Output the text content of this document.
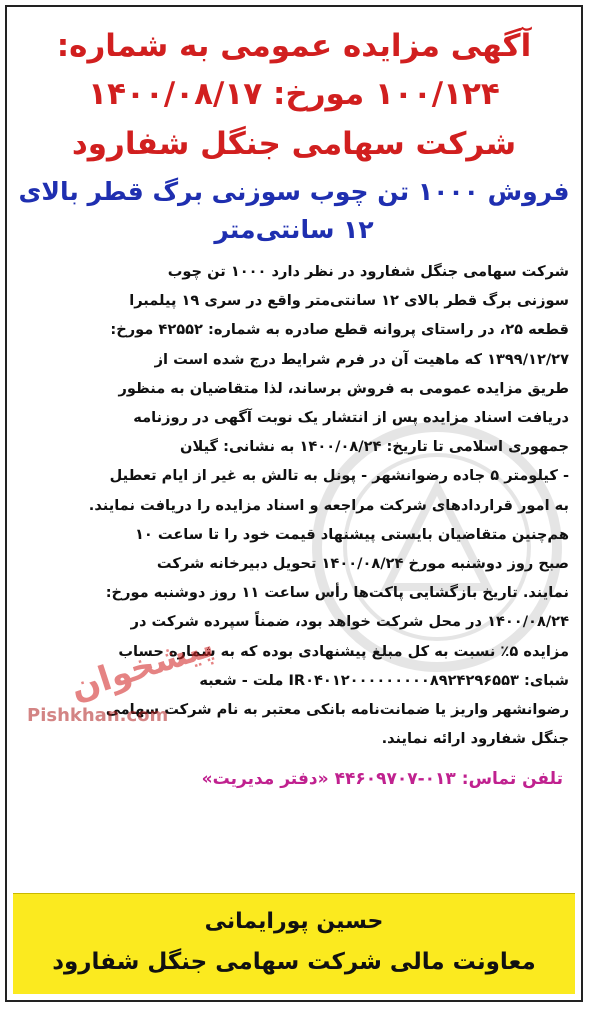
آگهی مزایده عمومی به شماره:
۱۰۰/۱۲۴ مورخ: ۱۴۰۰/۰۸/۱۷
شرکت سهامی جنگل شفارود
فروش ۱۰۰۰ تن چوب سوزنی برگ قطر بالای
۱۲ سانتی‌متر
شرکت سهامی جنگل شفارود در نظر دارد ۱۰۰۰ تن چوب
سوزنی برگ قطر بالای ۱۲ سانتی‌متر واقع در سری ۱۹ پیلمبرا
قطعه ۲۵، در راستای پروانه قطع صادره به شماره: ۴۲۵۵۲ مورخ:
۱۳۹۹/۱۲/۲۷ که ماهیت آن در فرم شرایط درج شده است از
طریق مزایده عمومی به فروش برساند، لذا متقاضیان به منظور
دریافت اسناد مزایده پس از انتشار یک نوبت آگهی در روزنامه
جمهوری اسلامی تا تاریخ: ۱۴۰۰/۰۸/۲۴ به نشانی: گیلان
- کیلومتر ۵ جاده رضوانشهر - پونل به تالش به غیر از ایام تعطیل
به امور قراردادهای شرکت مراجعه و اسناد مزایده را دریافت نمایند.
هم‌چنین متقاضیان بایستی پیشنهاد قیمت خود را تا ساعت ۱۰
صبح روز دوشنبه مورخ ۱۴۰۰/۰۸/۲۴ تحویل دبیرخانه شرکت
نمایند. تاریخ بازگشایی پاکت‌ها رأس ساعت ۱۱ روز دوشنبه مورخ:
۱۴۰۰/۰۸/۲۴ در محل شرکت خواهد بود، ضمناً سپرده شرکت در
مزایده ۵٪ نسبت به کل مبلغ پیشنهادی بوده که به شماره حساب
شبای: IR۰۴۰۱۲۰۰۰۰۰۰۰۰۰۸۹۲۴۲۹۶۵۵۳ ملت - شعبه
رضوانشهر واریز یا ضمانت‌نامه بانکی معتبر به نام شرکت سهامی
جنگل شفارود ارائه نمایند.
تلفن تماس:۰۱۳-۴۴۶۰۹۷۰۷«دفتر مدیریت»
پیشخوان
Pishkhan.com
حسین پورایمانی
معاونت مالی شرکت سهامی جنگل شفارود
